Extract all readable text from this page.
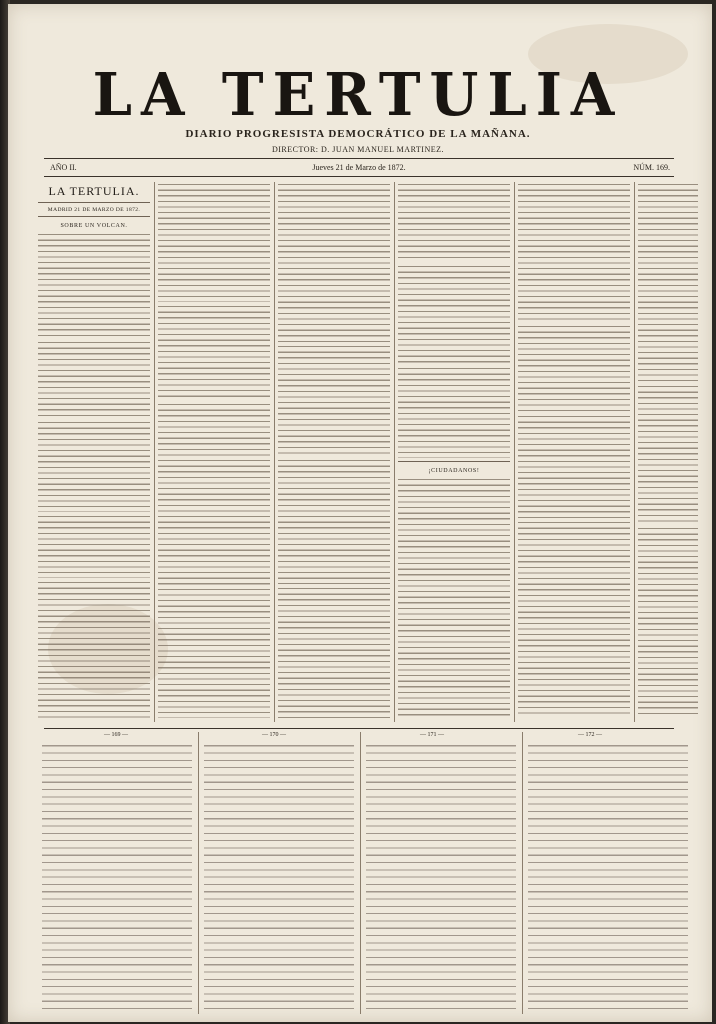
LA TERTULIA
DIARIO PROGRESISTA DEMOCRÁTICO DE LA MAÑANA.
DIRECTOR: D. JUAN MANUEL MARTINEZ.
AÑO II.	Jueves 21 de Marzo de 1872.	NÚM. 169.
LA TERTULIA.
MADRID 21 DE MARZO DE 1872.
SOBRE UN VOLCAN.
¡CIUDADANOS!
— 169 —	— 170 —	— 171 —	— 172 —
